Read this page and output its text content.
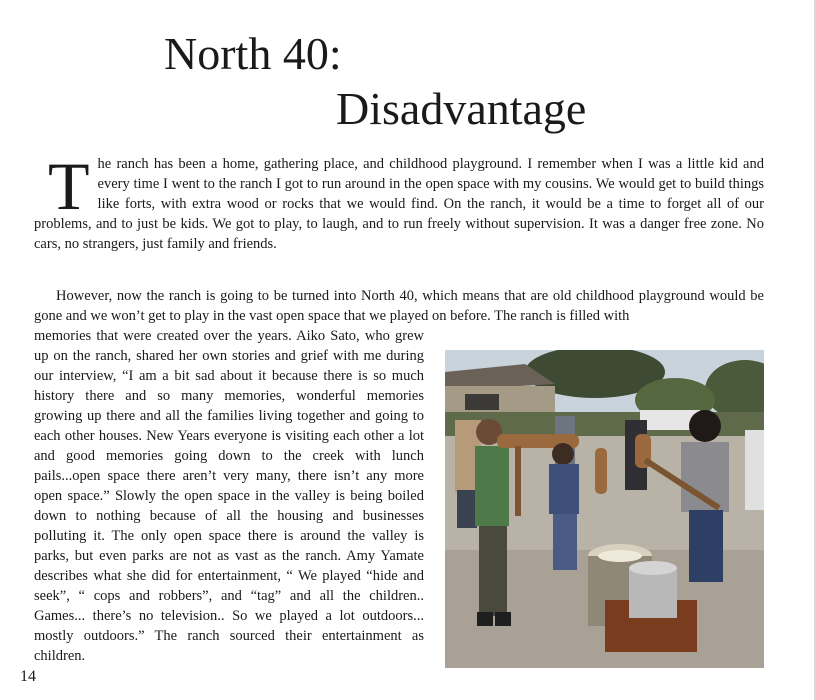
North 40:
Disadvantage

The ranch has been a home, gathering place, and childhood playground. I remember when I was a little kid and every time I went to the ranch I got to run around in the open space with my cousins. We would get to build things like forts, with extra wood or rocks that we would find. On the ranch, it would be a time to forget all of our problems, and to just be kids. We got to play, to laugh, and to run freely without supervision. It was a danger free zone. No cars, no strangers, just family and friends.

However, now the ranch is going to be turned into North 40, which means that are old childhood playground would be gone and we won’t get to play in the vast open space that we played on before. The ranch is filled with

memories that were created over the years. Aiko Sato, who grew up on the ranch, shared her own stories and grief with me during our interview, “I am a bit sad about it because there is so much history there and so many memories, wonderful memories growing up there and all the families living together and going to each other houses. New Years everyone is visiting each other a lot and good memories going down to the creek with lunch pails...open space there aren’t very many, there isn’t any more open space.” Slowly the open space in the valley is being boiled down to nothing because of all the housing and businesses polluting it. The only open space there is around the valley is parks, but even parks are not as vast as the ranch. Amy Yamate describes what she did for entertainment, “ We played “hide and seek”, “ cops and robbers”, and “tag” and all the children.. Games... there’s no television.. So we played a lot outdoors... mostly outdoors.” The ranch sourced their entertainment as children.

14
